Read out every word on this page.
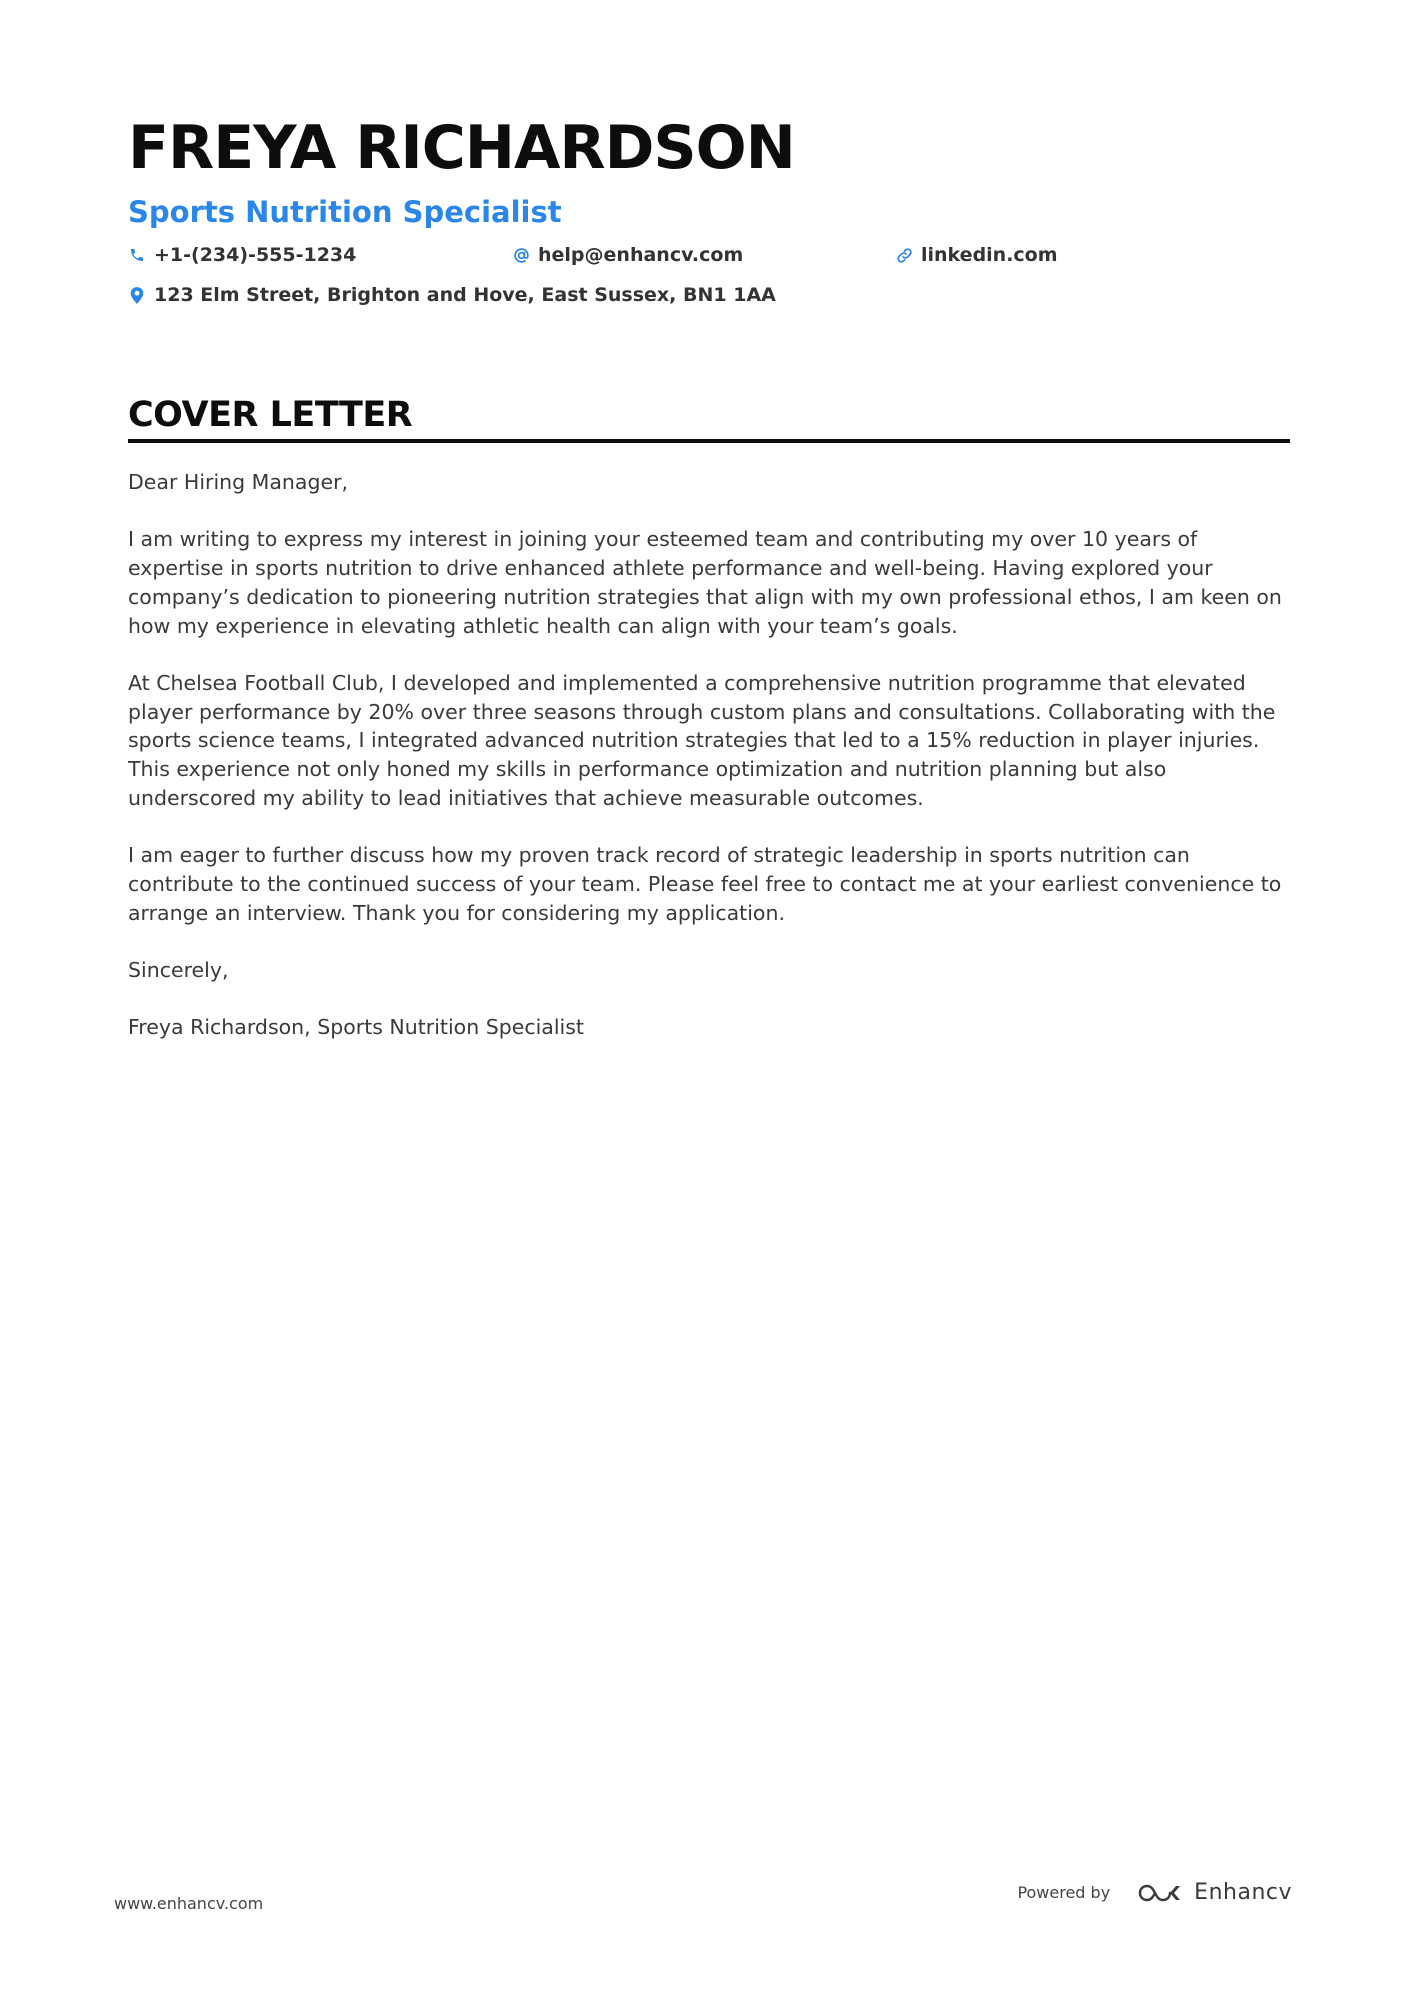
FREYA RICHARDSON
Sports Nutrition Specialist
+1-(234)-555-1234	help@enhancv.com	linkedin.com
123 Elm Street, Brighton and Hove, East Sussex, BN1 1AA
COVER LETTER

Dear Hiring Manager,

I am writing to express my interest in joining your esteemed team and contributing my over 10 years of expertise in sports nutrition to drive enhanced athlete performance and well-being. Having explored your company’s dedication to pioneering nutrition strategies that align with my own professional ethos, I am keen on how my experience in elevating athletic health can align with your team’s goals.

At Chelsea Football Club, I developed and implemented a comprehensive nutrition programme that elevated player performance by 20% over three seasons through custom plans and consultations. Collaborating with the sports science teams, I integrated advanced nutrition strategies that led to a 15% reduction in player injuries. This experience not only honed my skills in performance optimization and nutrition planning but also underscored my ability to lead initiatives that achieve measurable outcomes.

I am eager to further discuss how my proven track record of strategic leadership in sports nutrition can contribute to the continued success of your team. Please feel free to contact me at your earliest convenience to arrange an interview. Thank you for considering my application.

Sincerely,

Freya Richardson, Sports Nutrition Specialist

www.enhancv.com
Powered by	Enhancv
